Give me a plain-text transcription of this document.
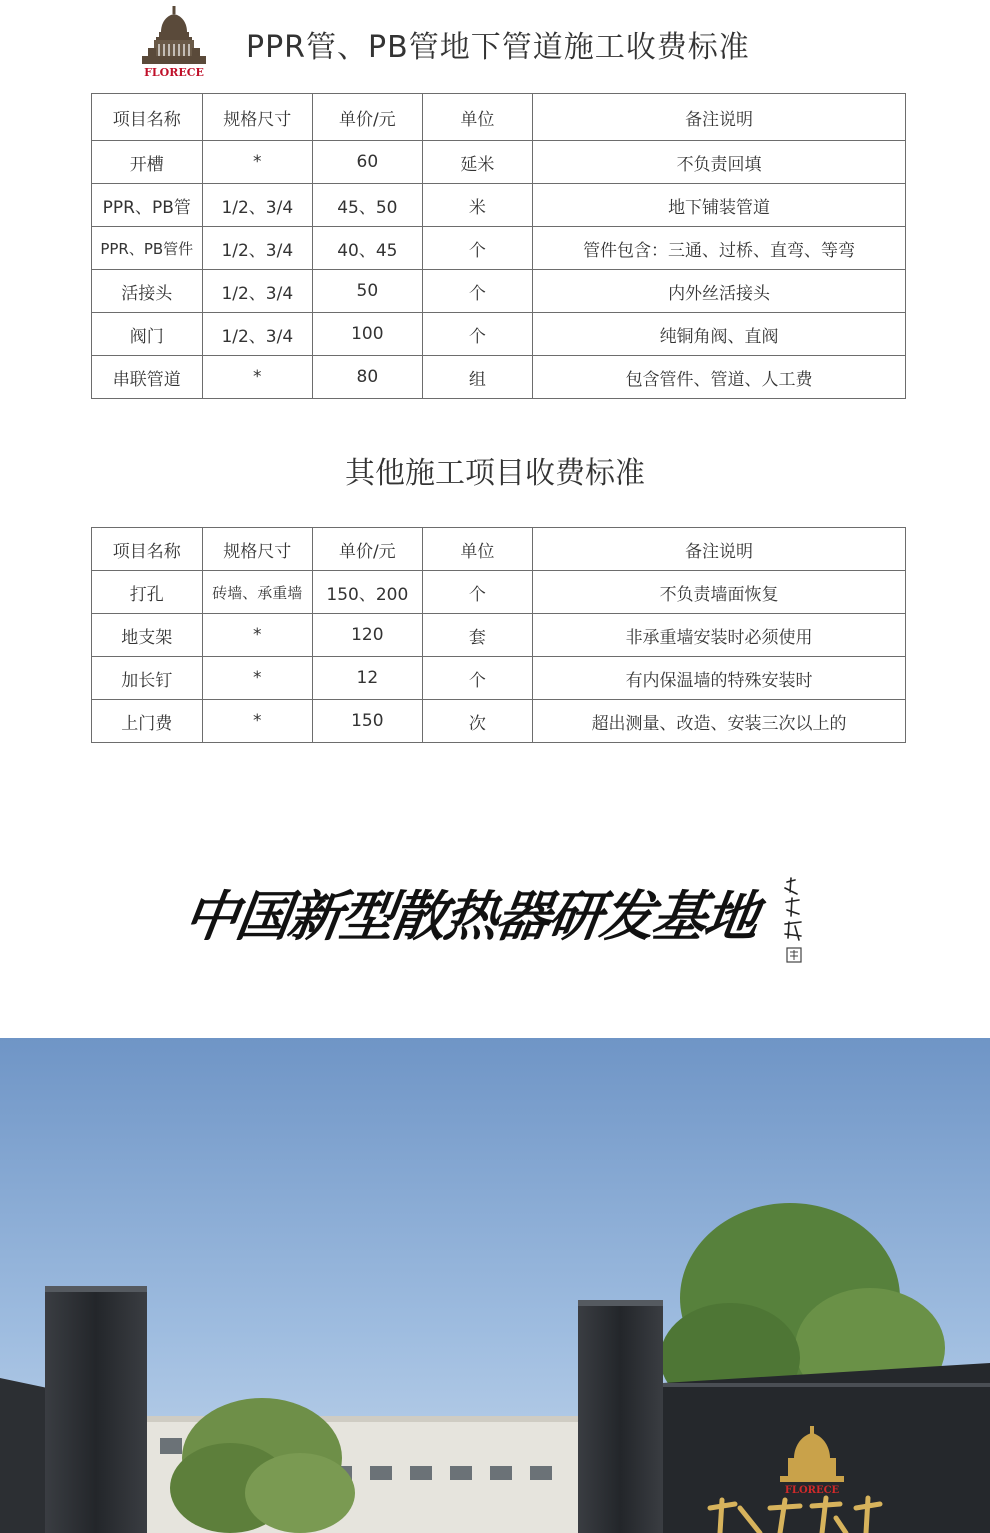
FLORECE
PPR管、PB管地下管道施工收费标准
项目名称	规格尺寸	单价/元	单位	备注说明
开槽	*	60	延米	不负责回填
PPR、PB管	1/2、3/4	45、50	米	地下铺装管道
PPR、PB管件	1/2、3/4	40、45	个	管件包含：三通、过桥、直弯、等弯
活接头	1/2、3/4	50	个	内外丝活接头
阀门	1/2、3/4	100	个	纯铜角阀、直阀
串联管道	*	80	组	包含管件、管道、人工费
其他施工项目收费标准
项目名称	规格尺寸	单价/元	单位	备注说明
打孔	砖墙、承重墙	150、200	个	不负责墙面恢复
地支架	*	120	套	非承重墙安装时必须使用
加长钉	*	12	个	有内保温墙的特殊安装时
上门费	*	150	次	超出测量、改造、安装三次以上的
中国新型散热器研发基地
FLORECE
